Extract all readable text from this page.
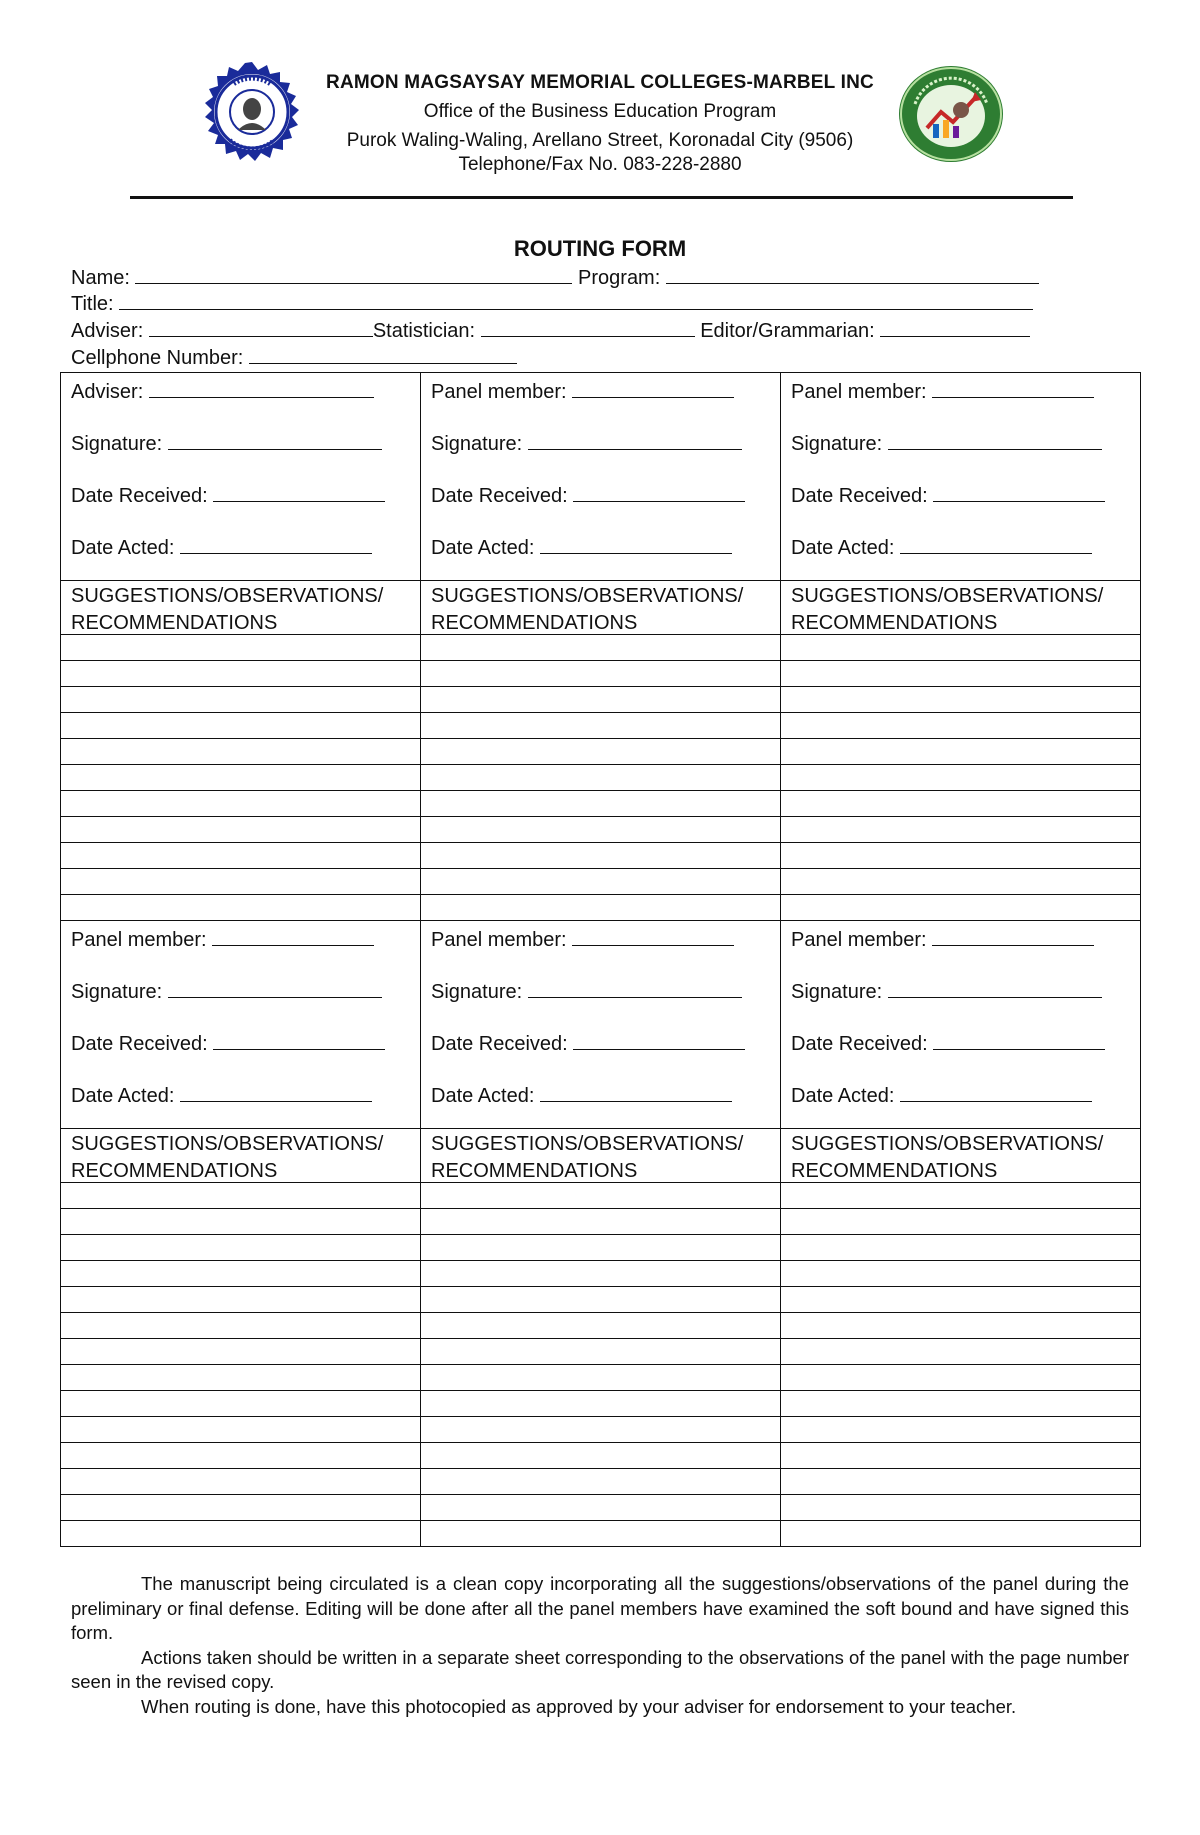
RAMON MAGSAYSAY MEMORIAL COLLEGES-MARBEL INC
Office of the Business Education Program
Purok Waling-Waling, Arellano Street, Koronadal City (9506)
Telephone/Fax No. 083-228-2880
ROUTING FORM
Name:	Program:
Title:
Adviser:	Statistician:	Editor/Grammarian:
Cellphone Number:
Adviser:
Signature:
Date Received:
Date Acted:
SUGGESTIONS/OBSERVATIONS/
RECOMMENDATIONS
Panel member:
Signature:
Date Received:
Date Acted:
SUGGESTIONS/OBSERVATIONS/
RECOMMENDATIONS
Panel member:
Signature:
Date Received:
Date Acted:
SUGGESTIONS/OBSERVATIONS/
RECOMMENDATIONS
Panel member:
Signature:
Date Received:
Date Acted:
SUGGESTIONS/OBSERVATIONS/
RECOMMENDATIONS
Panel member:
Signature:
Date Received:
Date Acted:
SUGGESTIONS/OBSERVATIONS/
RECOMMENDATIONS
Panel member:
Signature:
Date Received:
Date Acted:
SUGGESTIONS/OBSERVATIONS/
RECOMMENDATIONS

The manuscript being circulated is a clean copy incorporating all the suggestions/observations of the panel during the preliminary or final defense. Editing will be done after all the panel members have examined the soft bound and have signed this form.

Actions taken should be written in a separate sheet corresponding to the observations of the panel with the page number seen in the revised copy.

When routing is done, have this photocopied as approved by your adviser for endorsement to your teacher.
